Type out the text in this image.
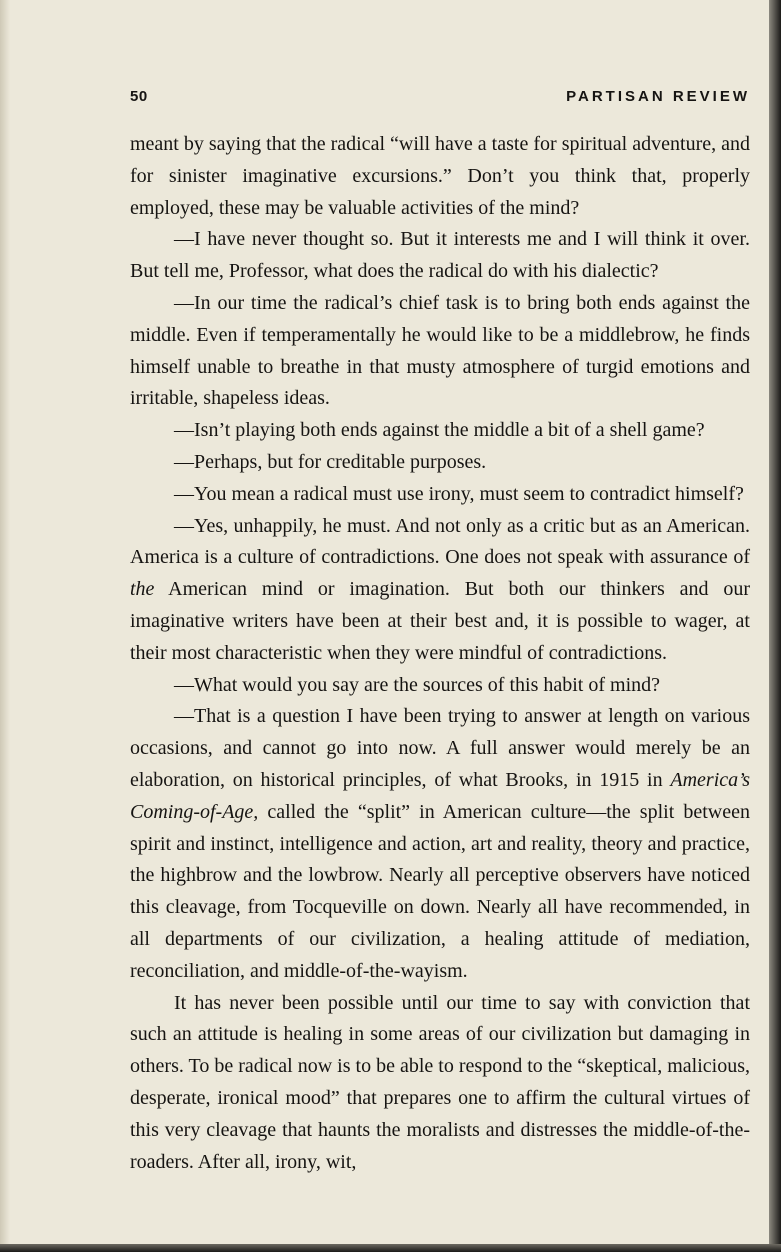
50	PARTISAN REVIEW

meant by saying that the radical “will have a taste for spiritual adventure, and for sinister imaginative excursions.” Don’t you think that, properly employed, these may be valuable activities of the mind?

—I have never thought so. But it interests me and I will think it over. But tell me, Professor, what does the radical do with his dialectic?

—In our time the radical’s chief task is to bring both ends against the middle. Even if temperamentally he would like to be a middlebrow, he finds himself unable to breathe in that musty atmosphere of turgid emotions and irritable, shapeless ideas.

—Isn’t playing both ends against the middle a bit of a shell game?

—Perhaps, but for creditable purposes.

—You mean a radical must use irony, must seem to contradict himself?

—Yes, unhappily, he must. And not only as a critic but as an American. America is a culture of contradictions. One does not speak with assurance of the American mind or imagination. But both our thinkers and our imaginative writers have been at their best and, it is possible to wager, at their most characteristic when they were mindful of contradictions.

—What would you say are the sources of this habit of mind?

—That is a question I have been trying to answer at length on various occasions, and cannot go into now. A full answer would merely be an elaboration, on historical principles, of what Brooks, in 1915 in America’s Coming-of-Age, called the “split” in American culture—the split between spirit and instinct, intelligence and action, art and reality, theory and practice, the highbrow and the lowbrow. Nearly all perceptive observers have noticed this cleavage, from Tocqueville on down. Nearly all have recommended, in all departments of our civilization, a healing attitude of mediation, reconciliation, and middle-of-the-wayism.

It has never been possible until our time to say with conviction that such an attitude is healing in some areas of our civilization but damaging in others. To be radical now is to be able to respond to the “skeptical, malicious, desperate, ironical mood” that prepares one to affirm the cultural virtues of this very cleavage that haunts the moralists and distresses the middle-of-the-roaders. After all, irony, wit,
